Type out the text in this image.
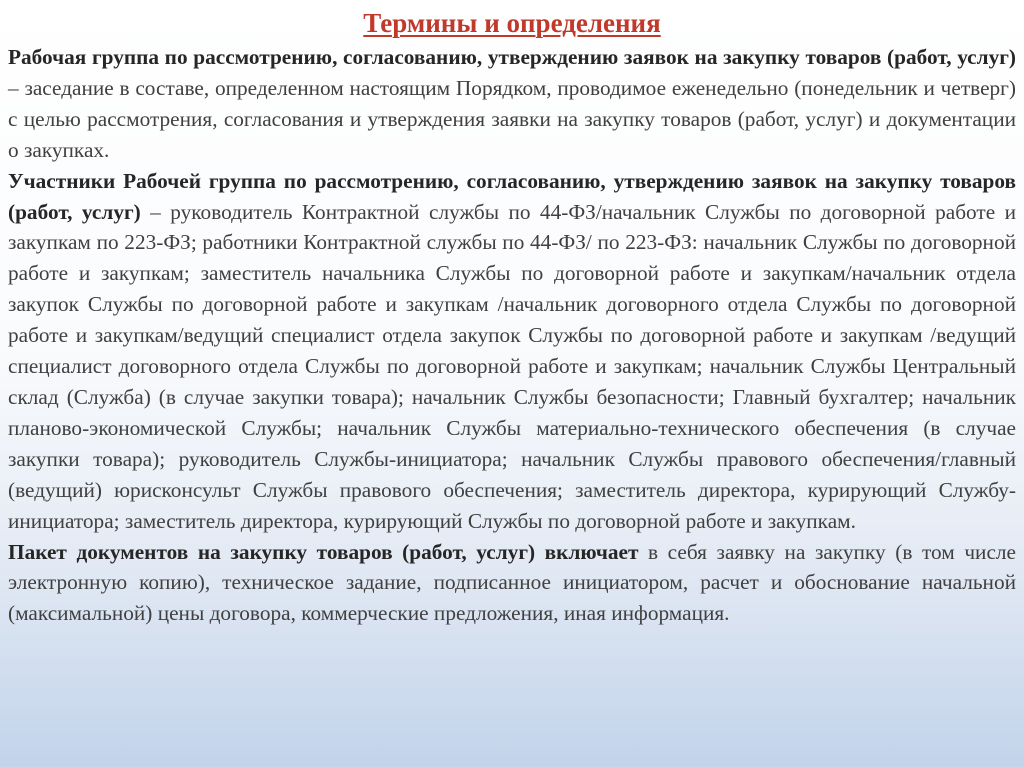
Термины и определения

Рабочая группа по рассмотрению, согласованию, утверждению заявок на закупку товаров (работ, услуг) – заседание в составе, определенном настоящим Порядком, проводимое еженедельно (понедельник и четверг) с целью рассмотрения, согласования и утверждения заявки на закупку товаров (работ, услуг) и документации о закупках.

Участники Рабочей группа по рассмотрению, согласованию, утверждению заявок на закупку товаров (работ, услуг) – руководитель Контрактной службы по 44-ФЗ/начальник Службы по договорной работе и закупкам по 223-ФЗ; работники Контрактной службы по 44-ФЗ/ по 223-ФЗ: начальник Службы по договорной работе и закупкам; заместитель начальника Службы по договорной работе и закупкам/начальник отдела закупок Службы по договорной работе и закупкам /начальник договорного отдела Службы по договорной работе и закупкам/ведущий специалист отдела закупок Службы по договорной работе и закупкам /ведущий специалист договорного отдела Службы по договорной работе и закупкам; начальник Службы Центральный склад (Служба) (в случае закупки товара); начальник Службы безопасности; Главный бухгалтер; начальник планово-экономической Службы; начальник Службы материально-технического обеспечения (в случае закупки товара); руководитель Службы-инициатора; начальник Службы правового обеспечения/главный (ведущий) юрисконсульт Службы правового обеспечения; заместитель директора, курирующий Службу-инициатора; заместитель директора, курирующий Службы по договорной работе и закупкам.

Пакет документов на закупку товаров (работ, услуг) включает в себя заявку на закупку (в том числе электронную копию), техническое задание, подписанное инициатором, расчет и обоснование начальной (максимальной) цены договора, коммерческие предложения, иная информация.
